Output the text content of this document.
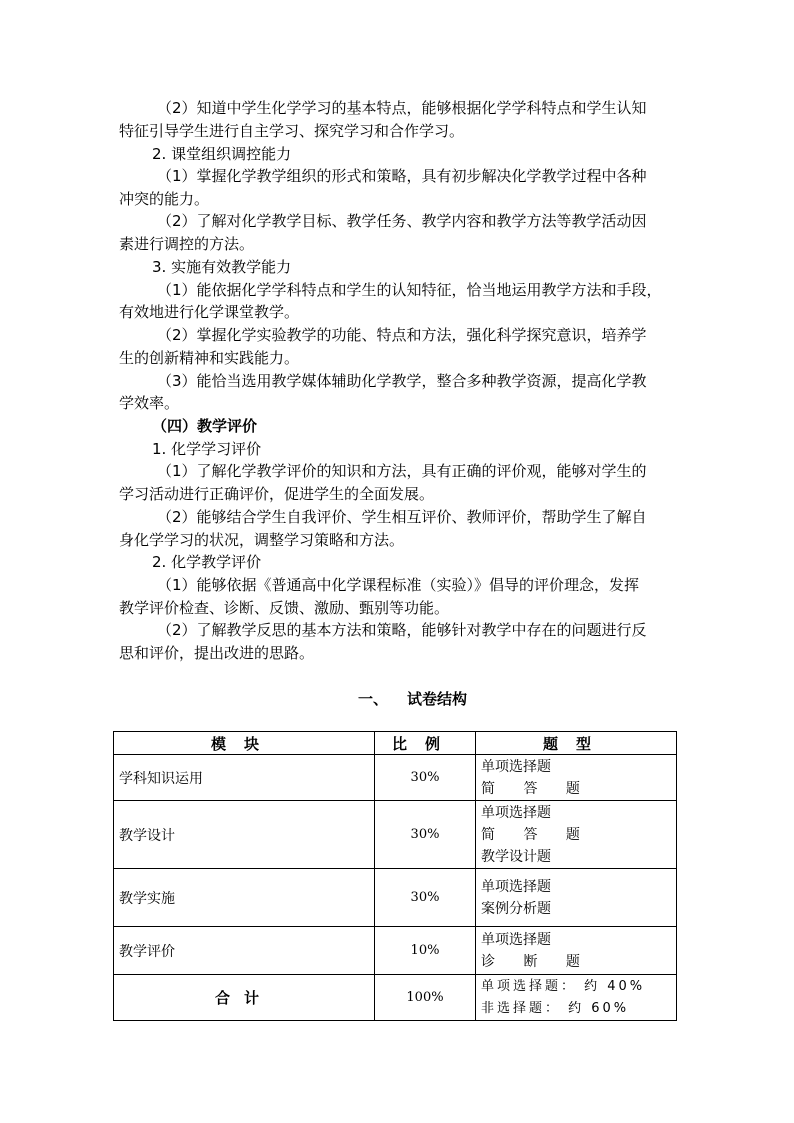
（2）知道中学生化学学习的基本特点，能够根据化学学科特点和学生认知
特征引导学生进行自主学习、探究学习和合作学习。
2. 课堂组织调控能力
（1）掌握化学教学组织的形式和策略，具有初步解决化学教学过程中各种
冲突的能力。
（2）了解对化学教学目标、教学任务、教学内容和教学方法等教学活动因
素进行调控的方法。
3. 实施有效教学能力
（1）能依据化学学科特点和学生的认知特征，恰当地运用教学方法和手段，
有效地进行化学课堂教学。
（2）掌握化学实验教学的功能、特点和方法，强化科学探究意识，培养学
生的创新精神和实践能力。
（3）能恰当选用教学媒体辅助化学教学，整合多种教学资源，提高化学教
学效率。
（四）教学评价
1. 化学学习评价
（1）了解化学教学评价的知识和方法，具有正确的评价观，能够对学生的
学习活动进行正确评价，促进学生的全面发展。
（2）能够结合学生自我评价、学生相互评价、教师评价，帮助学生了解自
身化学学习的状况，调整学习策略和方法。
2. 化学教学评价
（1）能够依据《普通高中化学课程标准（实验）》倡导的评价理念，发挥
教学评价检查、诊断、反馈、激励、甄别等功能。
（2）了解教学反思的基本方法和策略，能够针对教学中存在的问题进行反
思和评价，提出改进的思路。
一、 试卷结构
模块	比例	题型
学科知识运用	30%	单项选择题
简 答 题

教学设计	30%	单项选择题
简 答 题
教学设计题

教学实施	30%	单项选择题
案例分析题

教学评价	10%	单项选择题
诊 断 题

合计	100%	单项选择题： 约 40%
非选择题： 约 60%
